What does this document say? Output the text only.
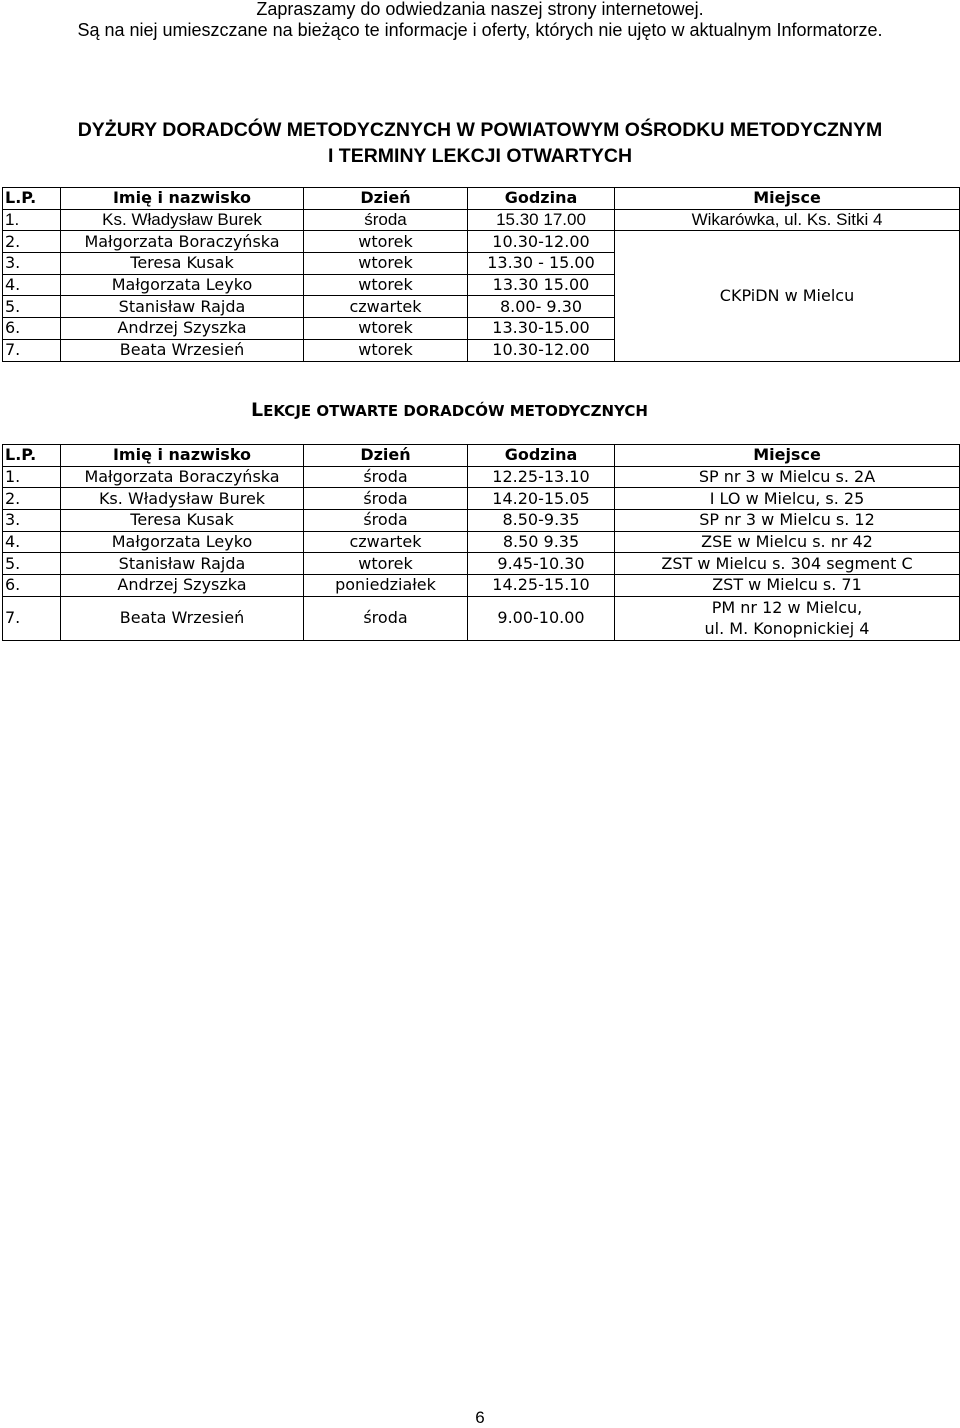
Zapraszamy do odwiedzania naszej strony internetowej.
Są na niej umieszczane na bieżąco te informacje i oferty, których nie ujęto w aktualnym Informatorze.
DYŻURY DORADCÓW METODYCZNYCH W POWIATOWYM OŚRODKU METODYCZNYM
I TERMINY LEKCJI OTWARTYCH
L.P.	Imię i nazwisko	Dzień	Godzina	Miejsce
1.	Ks. Władysław Burek	środa	15.30 17.00	Wikarówka, ul. Ks. Sitki 4
2.	Małgorzata Boraczyńska	wtorek	10.30-12.00	CKPiDN w Mielcu
3.	Teresa Kusak	wtorek	13.30 - 15.00	
4.	Małgorzata Leyko	wtorek	13.30 15.00	
5.	Stanisław Rajda	czwartek	8.00- 9.30	
6.	Andrzej Szyszka	wtorek	13.30-15.00	
7.	Beata Wrzesień	wtorek	10.30-12.00	
LEKCJE OTWARTE DORADCÓW METODYCZNYCH
L.P.	Imię i nazwisko	Dzień	Godzina	Miejsce
1.	Małgorzata Boraczyńska	środa	12.25-13.10	SP nr 3 w Mielcu s. 2A
2.	Ks. Władysław Burek	środa	14.20-15.05	I LO w Mielcu, s. 25
3.	Teresa Kusak	środa	8.50-9.35	SP nr 3 w Mielcu s. 12
4.	Małgorzata Leyko	czwartek	8.50 9.35	ZSE w Mielcu s. nr 42
5.	Stanisław Rajda	wtorek	9.45-10.30	ZST w Mielcu s. 304 segment C
6.	Andrzej Szyszka	poniedziałek	14.25-15.10	ZST w Mielcu s. 71
7.	Beata Wrzesień	środa	9.00-10.00	PM nr 12 w Mielcu,
ul. M. Konopnickiej 4
6
